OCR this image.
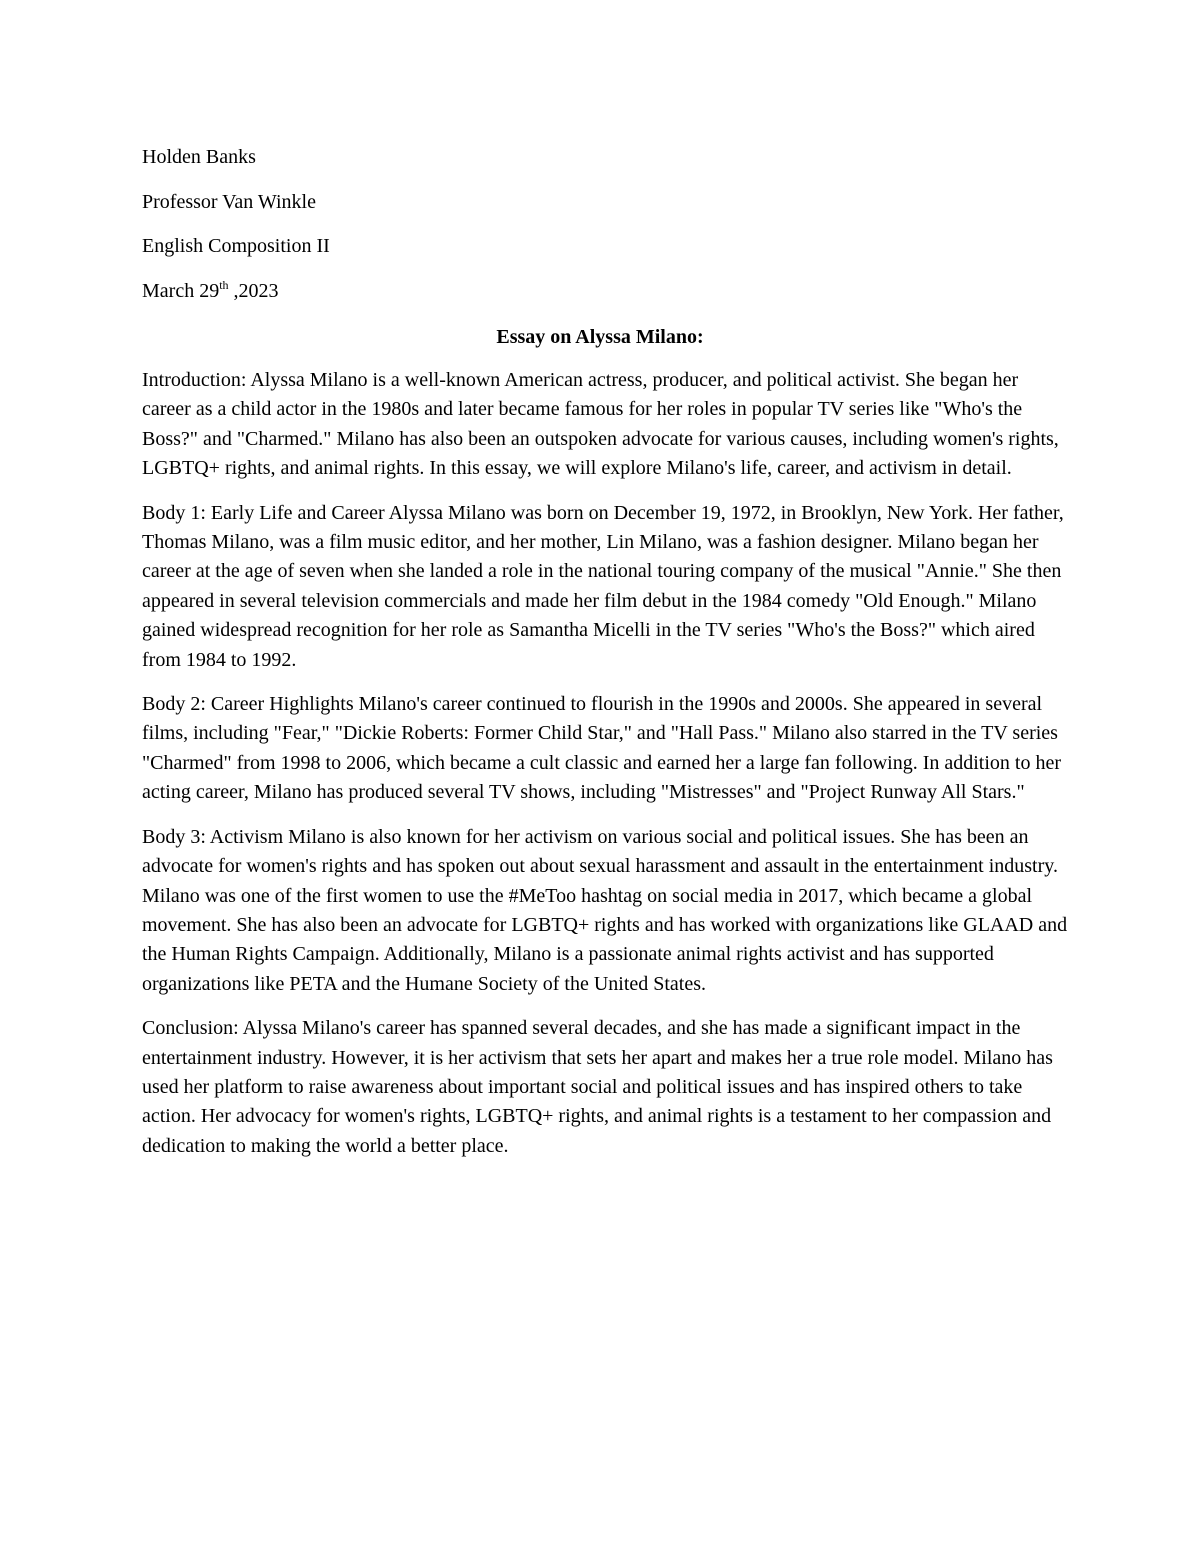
Holden Banks

Professor Van Winkle

English Composition II

March 29th ,2023

Essay on Alyssa Milano:

Introduction: Alyssa Milano is a well-known American actress, producer, and political activist. She began her career as a child actor in the 1980s and later became famous for her roles in popular TV series like "Who's the Boss?" and "Charmed." Milano has also been an outspoken advocate for various causes, including women's rights, LGBTQ+ rights, and animal rights. In this essay, we will explore Milano's life, career, and activism in detail.

Body 1: Early Life and Career Alyssa Milano was born on December 19, 1972, in Brooklyn, New York. Her father, Thomas Milano, was a film music editor, and her mother, Lin Milano, was a fashion designer. Milano began her career at the age of seven when she landed a role in the national touring company of the musical "Annie." She then appeared in several television commercials and made her film debut in the 1984 comedy "Old Enough." Milano gained widespread recognition for her role as Samantha Micelli in the TV series "Who's the Boss?" which aired from 1984 to 1992.

Body 2: Career Highlights Milano's career continued to flourish in the 1990s and 2000s. She appeared in several films, including "Fear," "Dickie Roberts: Former Child Star," and "Hall Pass." Milano also starred in the TV series "Charmed" from 1998 to 2006, which became a cult classic and earned her a large fan following. In addition to her acting career, Milano has produced several TV shows, including "Mistresses" and "Project Runway All Stars."

Body 3: Activism Milano is also known for her activism on various social and political issues. She has been an advocate for women's rights and has spoken out about sexual harassment and assault in the entertainment industry. Milano was one of the first women to use the #MeToo hashtag on social media in 2017, which became a global movement. She has also been an advocate for LGBTQ+ rights and has worked with organizations like GLAAD and the Human Rights Campaign. Additionally, Milano is a passionate animal rights activist and has supported organizations like PETA and the Humane Society of the United States.

Conclusion: Alyssa Milano's career has spanned several decades, and she has made a significant impact in the entertainment industry. However, it is her activism that sets her apart and makes her a true role model. Milano has used her platform to raise awareness about important social and political issues and has inspired others to take action. Her advocacy for women's rights, LGBTQ+ rights, and animal rights is a testament to her compassion and dedication to making the world a better place.
